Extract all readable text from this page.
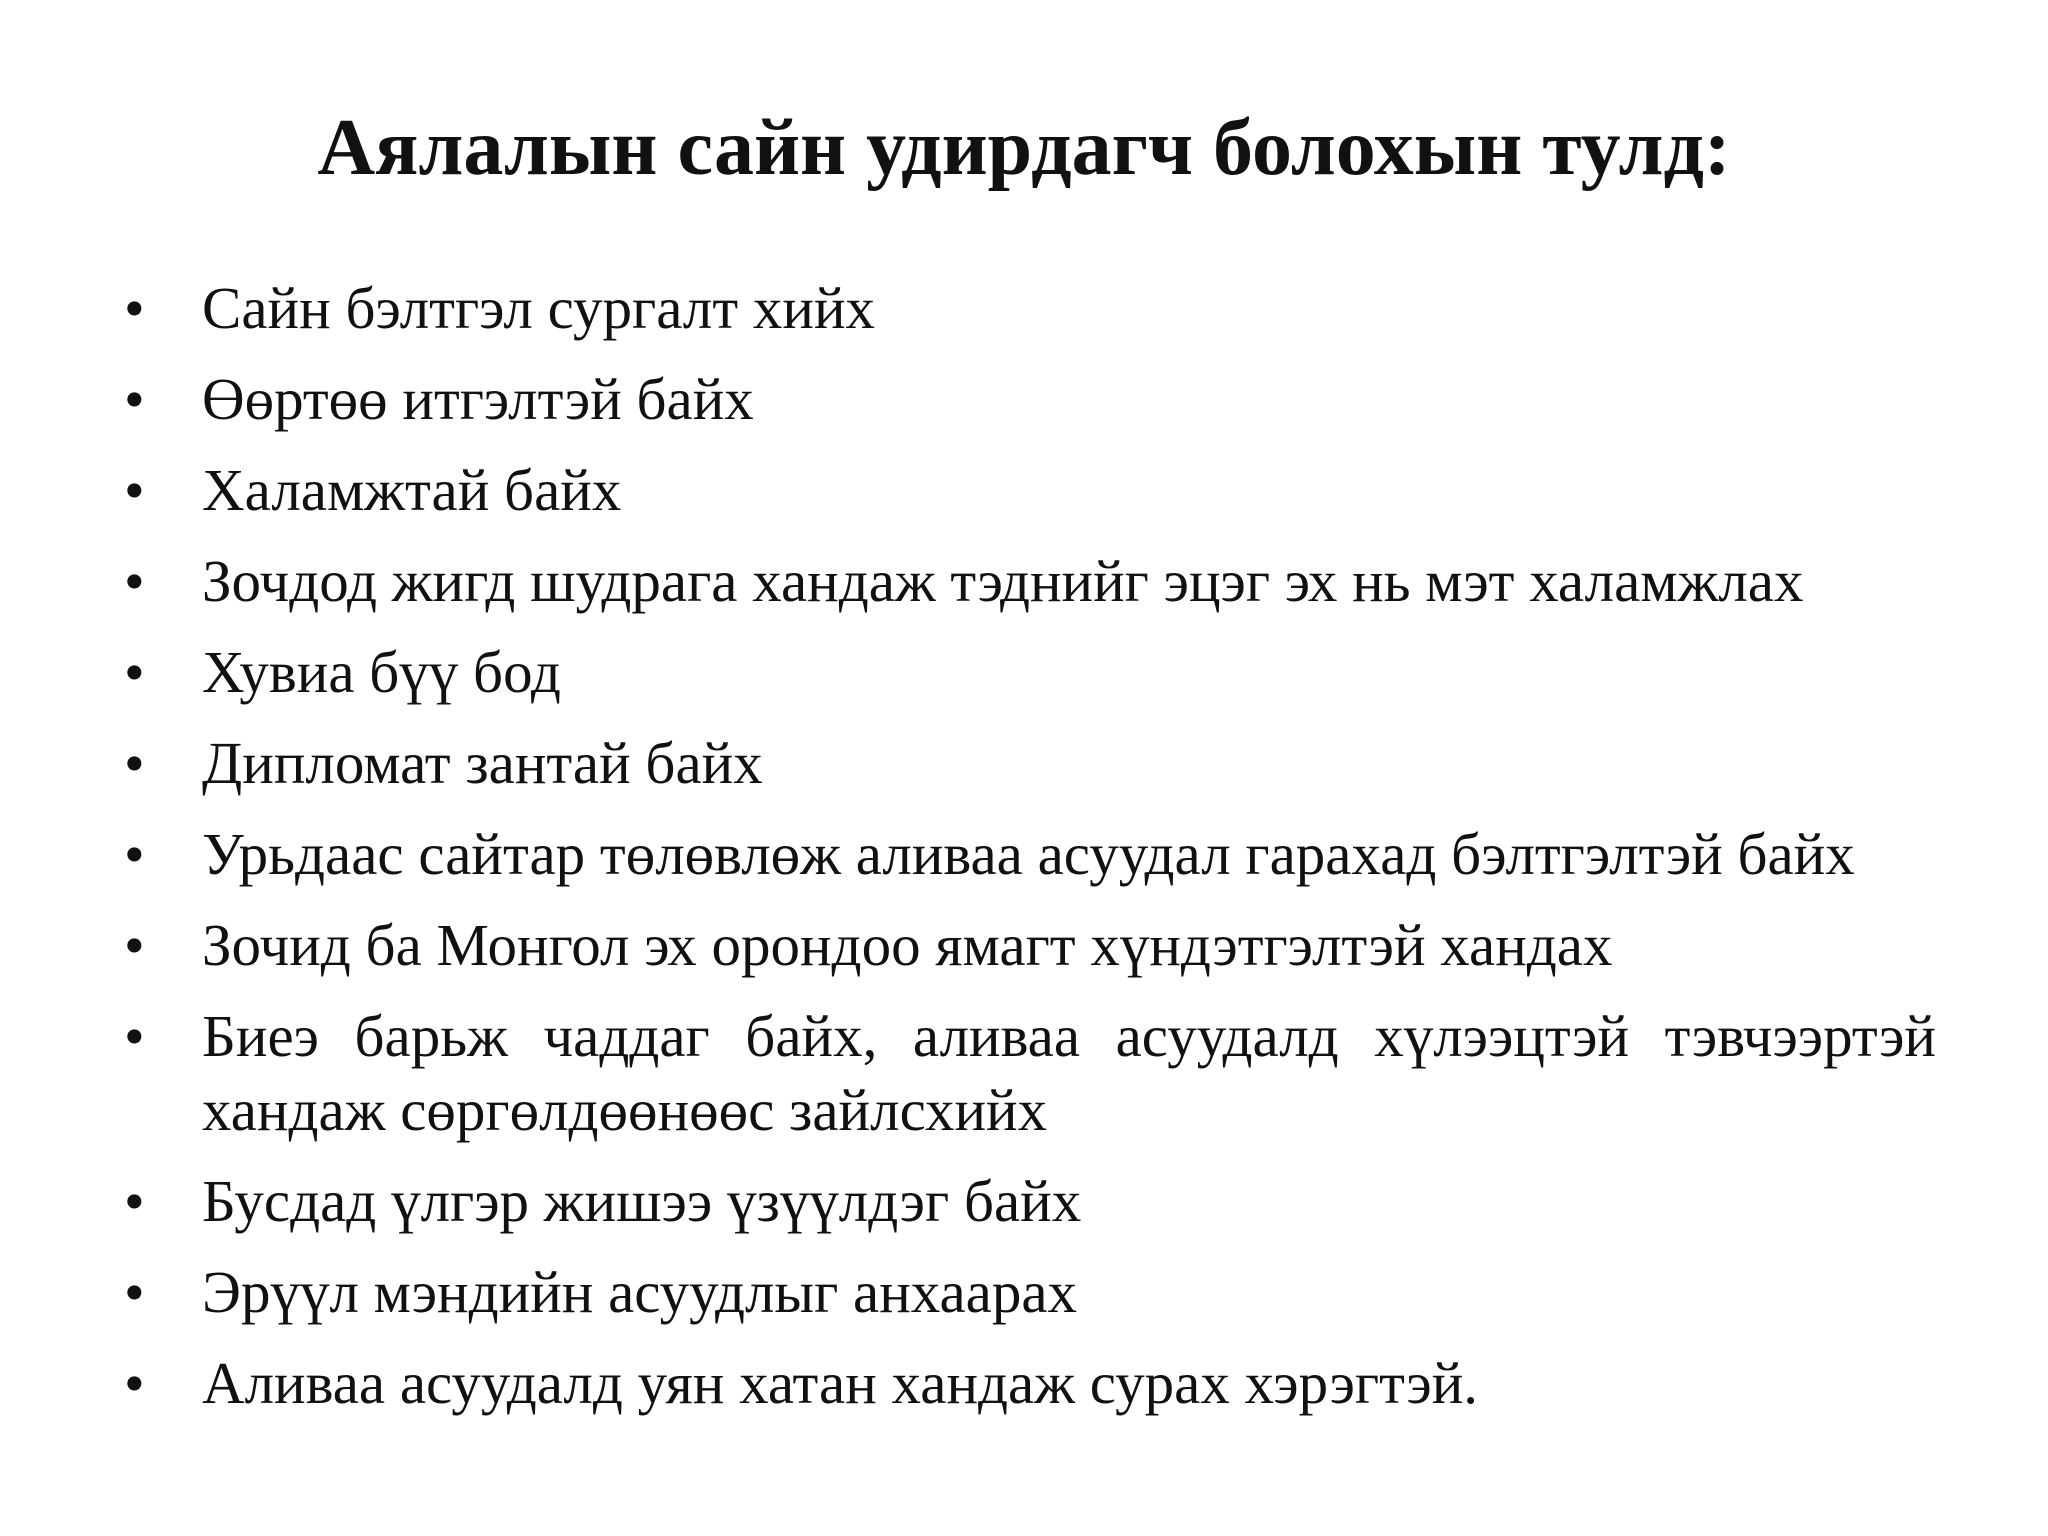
Аялалын сайн удирдагч болохын тулд:
• Сайн бэлтгэл сургалт хийх
• Өөртөө итгэлтэй байх
• Халамжтай байх
• Зочдод жигд шудрага хандаж тэднийг эцэг эх нь мэт халамжлах
• Хувиа бүү бод
• Дипломат зантай байх
• Урьдаас сайтар төлөвлөж аливаа асуудал гарахад бэлтгэлтэй байх
• Зочид ба Монгол эх орондоо ямагт хүндэтгэлтэй хандах
• Биеэ барьж чаддаг байх, аливаа асуудалд хүлээцтэй тэвчээртэй хандаж сөргөлдөөнөөс зайлсхийх
• Бусдад үлгэр жишээ үзүүлдэг байх
• Эрүүл мэндийн асуудлыг анхаарах
• Аливаа асуудалд уян хатан хандаж сурах хэрэгтэй.
